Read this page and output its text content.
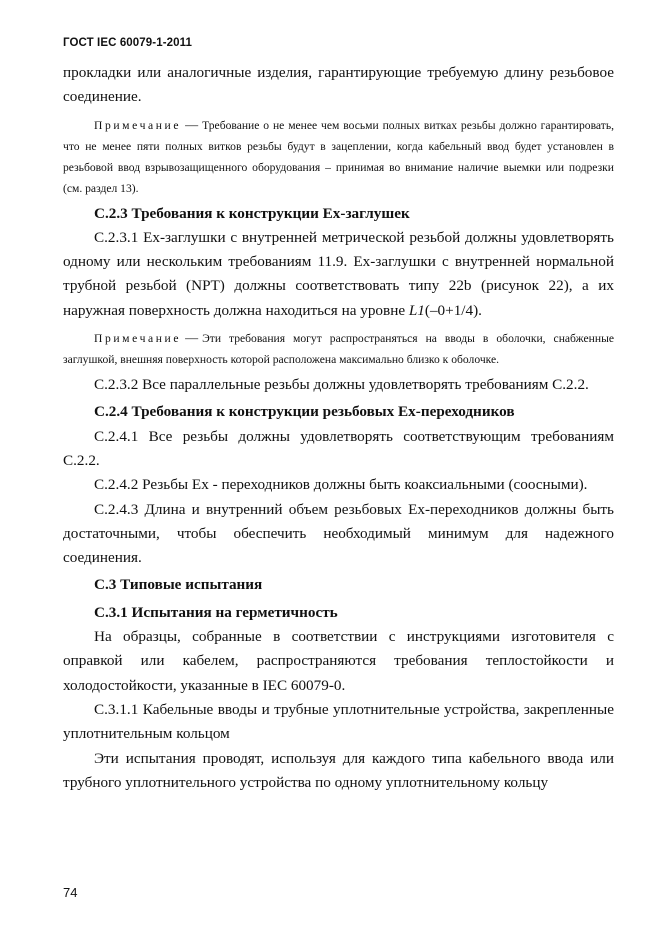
ГОСТ IEC 60079-1-2011

прокладки или аналогичные изделия, гарантирующие требуемую длину резьбовое соединение.

Примечание — Требование о не менее чем восьми полных витках резьбы должно гарантировать, что не менее пяти полных витков резьбы будут в зацеплении, когда кабельный ввод будет установлен в резьбовой ввод взрывозащищенного оборудования – принимая во внимание наличие выемки или подрезки (см. раздел 13).

С.2.3 Требования к конструкции Ex-заглушек

С.2.3.1 Ex-заглушки с внутренней метрической резьбой должны удовлетворять одному или нескольким требованиям 11.9. Ex-заглушки с внутренней нормальной трубной резьбой (NPT) должны соответствовать типу 22b (рисунок 22), а их наружная поверхность должна находиться на уровне L1(–0+1/4).

Примечание — Эти требования могут распространяться на вводы в оболочки, снабженные заглушкой, внешняя поверхность которой расположена максимально близко к оболочке.

С.2.3.2 Все параллельные резьбы должны удовлетворять требованиям С.2.2.

С.2.4 Требования к конструкции резьбовых Ex-переходников

С.2.4.1 Все резьбы должны удовлетворять соответствующим требованиям С.2.2.

С.2.4.2 Резьбы Ex - переходников должны быть коаксиальными (соосными).

С.2.4.3 Длина и внутренний объем резьбовых Ex-переходников должны быть достаточными, чтобы обеспечить необходимый минимум для надежного соединения.

С.3 Типовые испытания

С.3.1 Испытания на герметичность

На образцы, собранные в соответствии с инструкциями изготовителя с оправкой или кабелем, распространяются требования теплостойкости и холодостойкости, указанные в IEC 60079-0.

С.3.1.1 Кабельные вводы и трубные уплотнительные устройства, закрепленные уплотнительным кольцом

Эти испытания проводят, используя для каждого типа кабельного ввода или трубного уплотнительного устройства по одному уплотнительному кольцу

74
